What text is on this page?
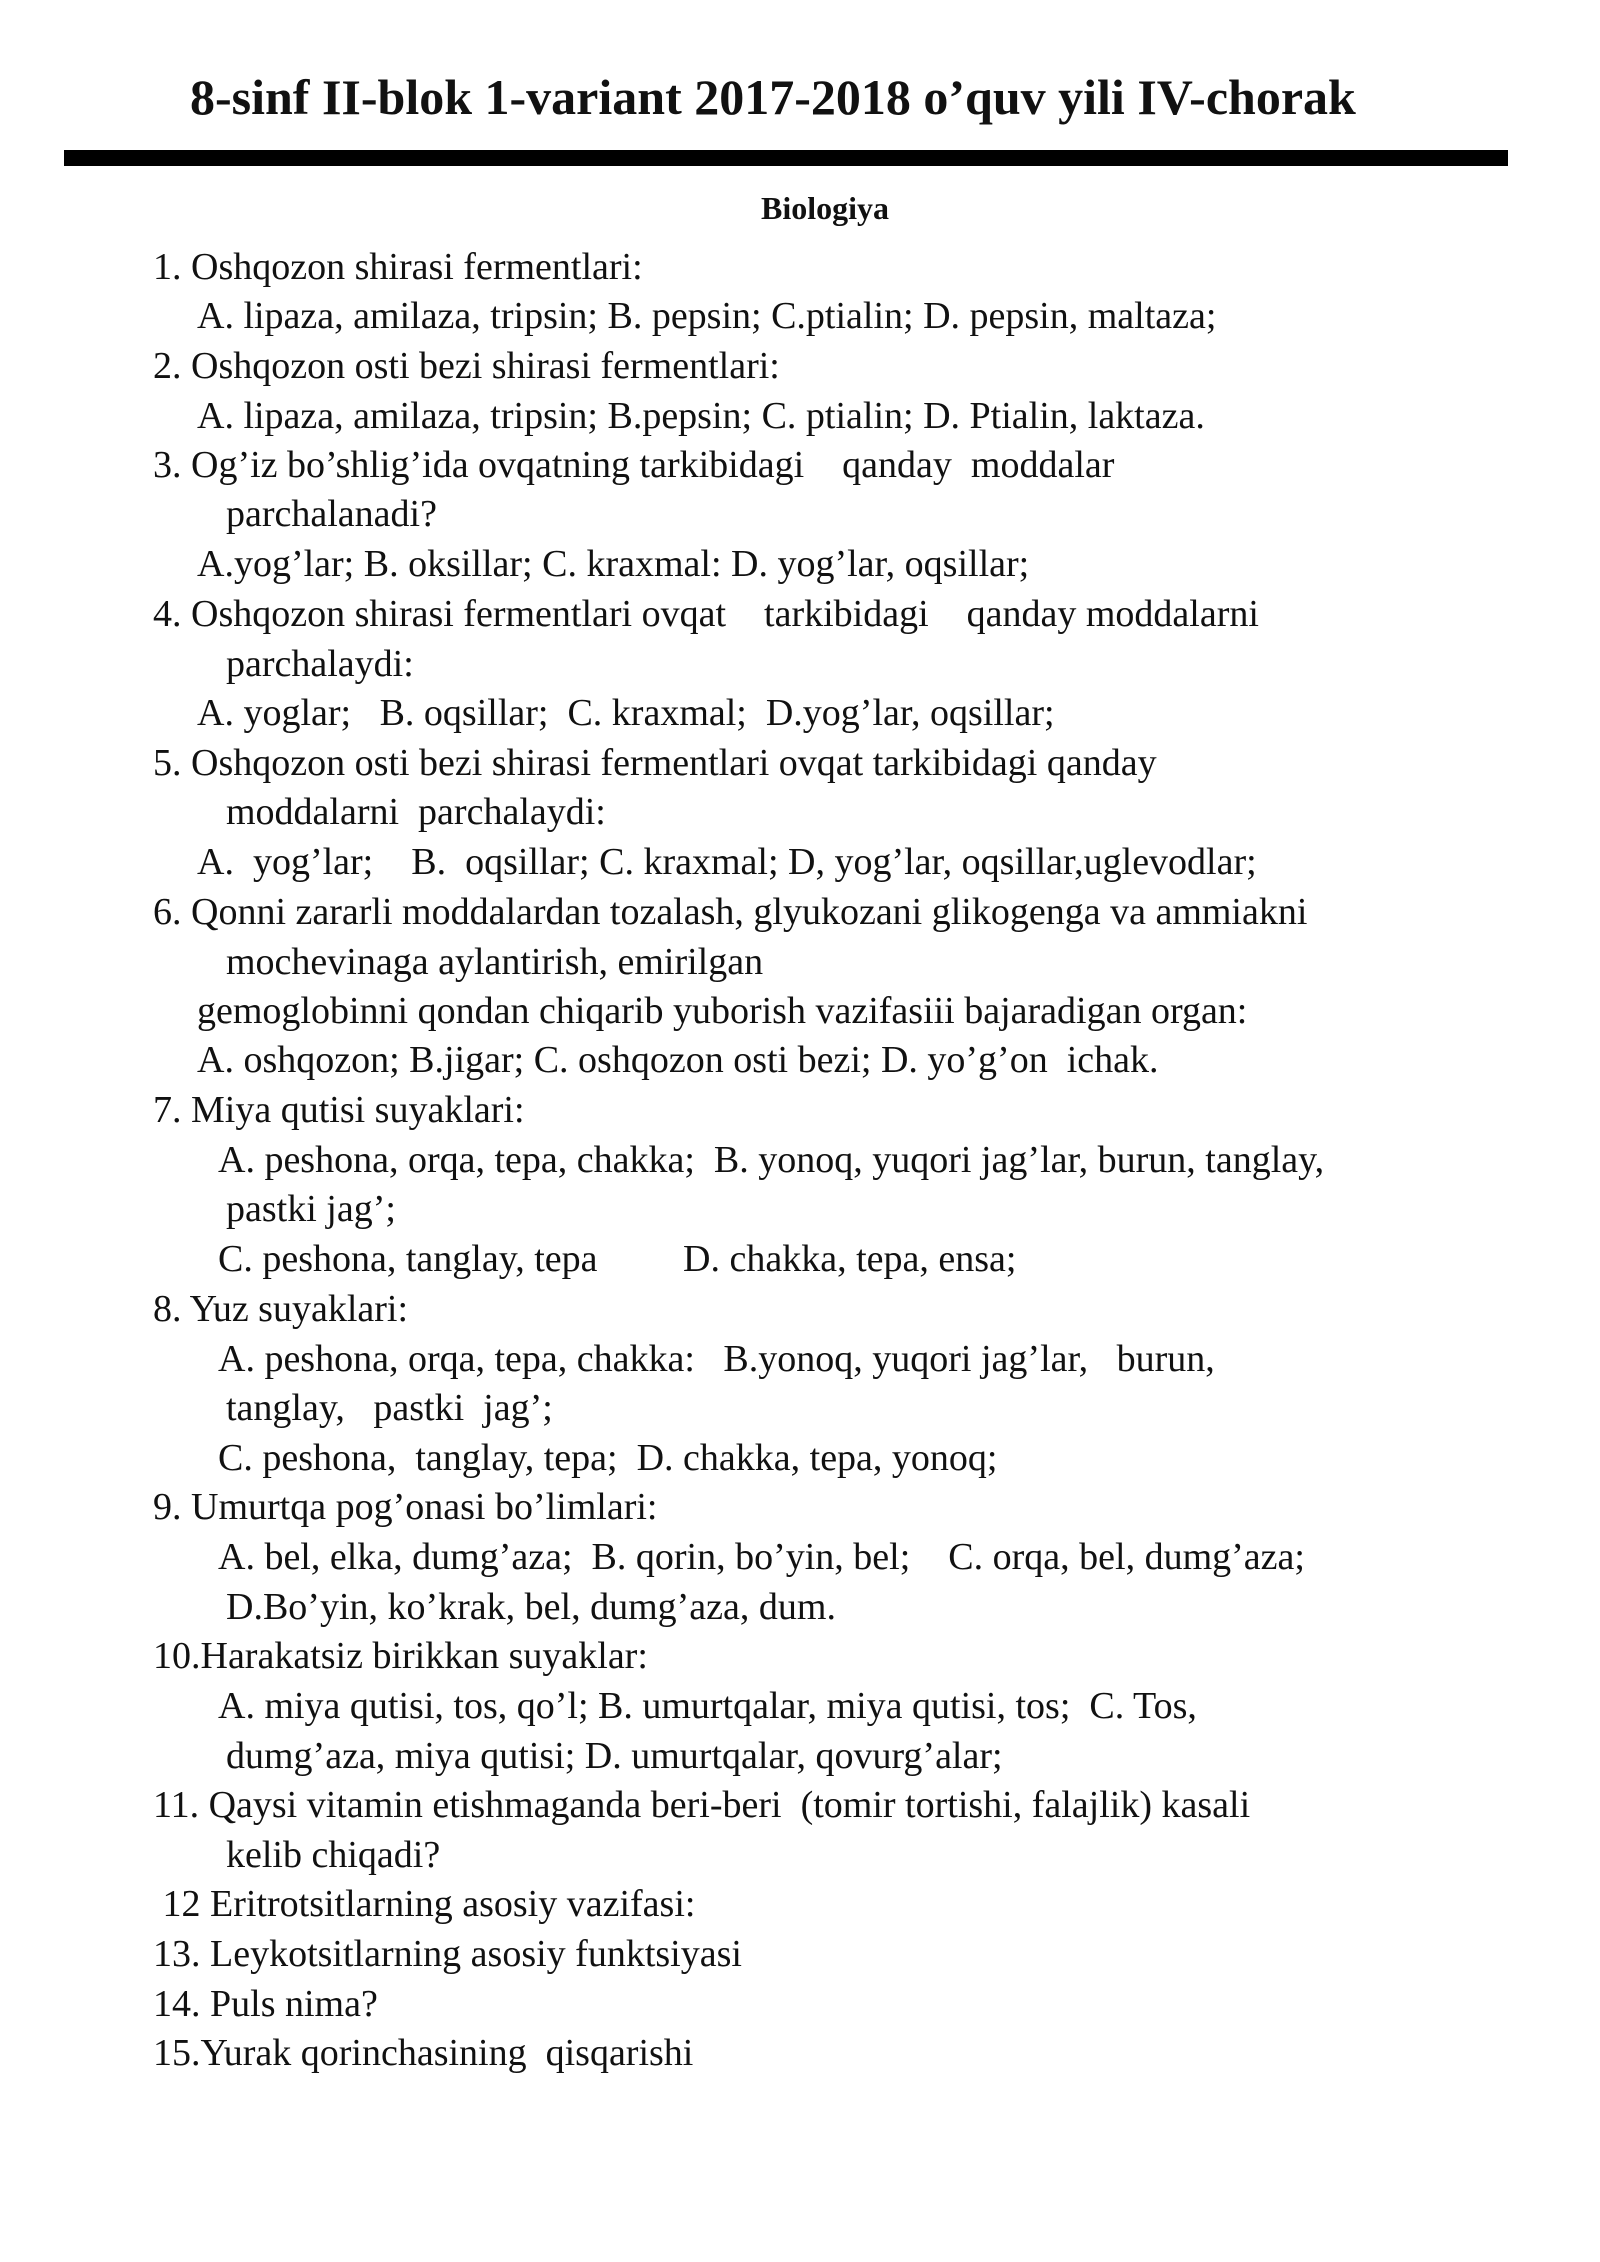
8-sinf II-blok 1-variant 2017-2018 o’quv yili IV-chorak
Biologiya
1. Oshqozon shirasi fermentlari:
A. lipaza, amilaza, tripsin; B. pepsin; C.ptialin; D. pepsin, maltaza;
2. Oshqozon osti bezi shirasi fermentlari:
A. lipaza, amilaza, tripsin; B.pepsin; C. ptialin; D. Ptialin, laktaza.
3. Og’iz bo’shlig’ida ovqatning tarkibidagi    qanday  moddalar
parchalanadi?
A.yog’lar; B. oksillar; C. kraxmal: D. yog’lar, oqsillar;
4. Oshqozon shirasi fermentlari ovqat    tarkibidagi    qanday moddalarni
parchalaydi:
A. yoglar;   B. oqsillar;  C. kraxmal;  D.yog’lar, oqsillar;
5. Oshqozon osti bezi shirasi fermentlari ovqat tarkibidagi qanday
moddalarni  parchalaydi:
A.  yog’lar;    B.  oqsillar; C. kraxmal; D, yog’lar, oqsillar,uglevodlar;
6. Qonni zararli moddalardan tozalash, glyukozani glikogenga va ammiakni
mochevinaga aylantirish, emirilgan
gemoglobinni qondan chiqarib yuborish vazifasiii bajaradigan organ:
A. oshqozon; B.jigar; C. oshqozon osti bezi; D. yo’g’on  ichak.
7. Miya qutisi suyaklari:
A. peshona, orqa, tepa, chakka;  B. yonoq, yuqori jag’lar, burun, tanglay,
pastki jag’;
C. peshona, tanglay, tepa         D. chakka, tepa, ensa;
8. Yuz suyaklari:
A. peshona, orqa, tepa, chakka:   B.yonoq, yuqori jag’lar,   burun,
tanglay,   pastki  jag’;
C. peshona,  tanglay, tepa;  D. chakka, tepa, yonoq;
9. Umurtqa pog’onasi bo’limlari:
A. bel, elka, dumg’aza;  B. qorin, bo’yin, bel;    C. orqa, bel, dumg’aza;
D.Bo’yin, ko’krak, bel, dumg’aza, dum.
10.Harakatsiz birikkan suyaklar:
A. miya qutisi, tos, qo’l; B. umurtqalar, miya qutisi, tos;  C. Tos,
dumg’aza, miya qutisi; D. umurtqalar, qovurg’alar;
11. Qaysi vitamin etishmaganda beri-beri  (tomir tortishi, falajlik) kasali
kelib chiqadi?
12 Eritrotsitlarning asosiy vazifasi:
13. Leykotsitlarning asosiy funktsiyasi
14. Puls nima?
15.Yurak qorinchasining  qisqarishi
